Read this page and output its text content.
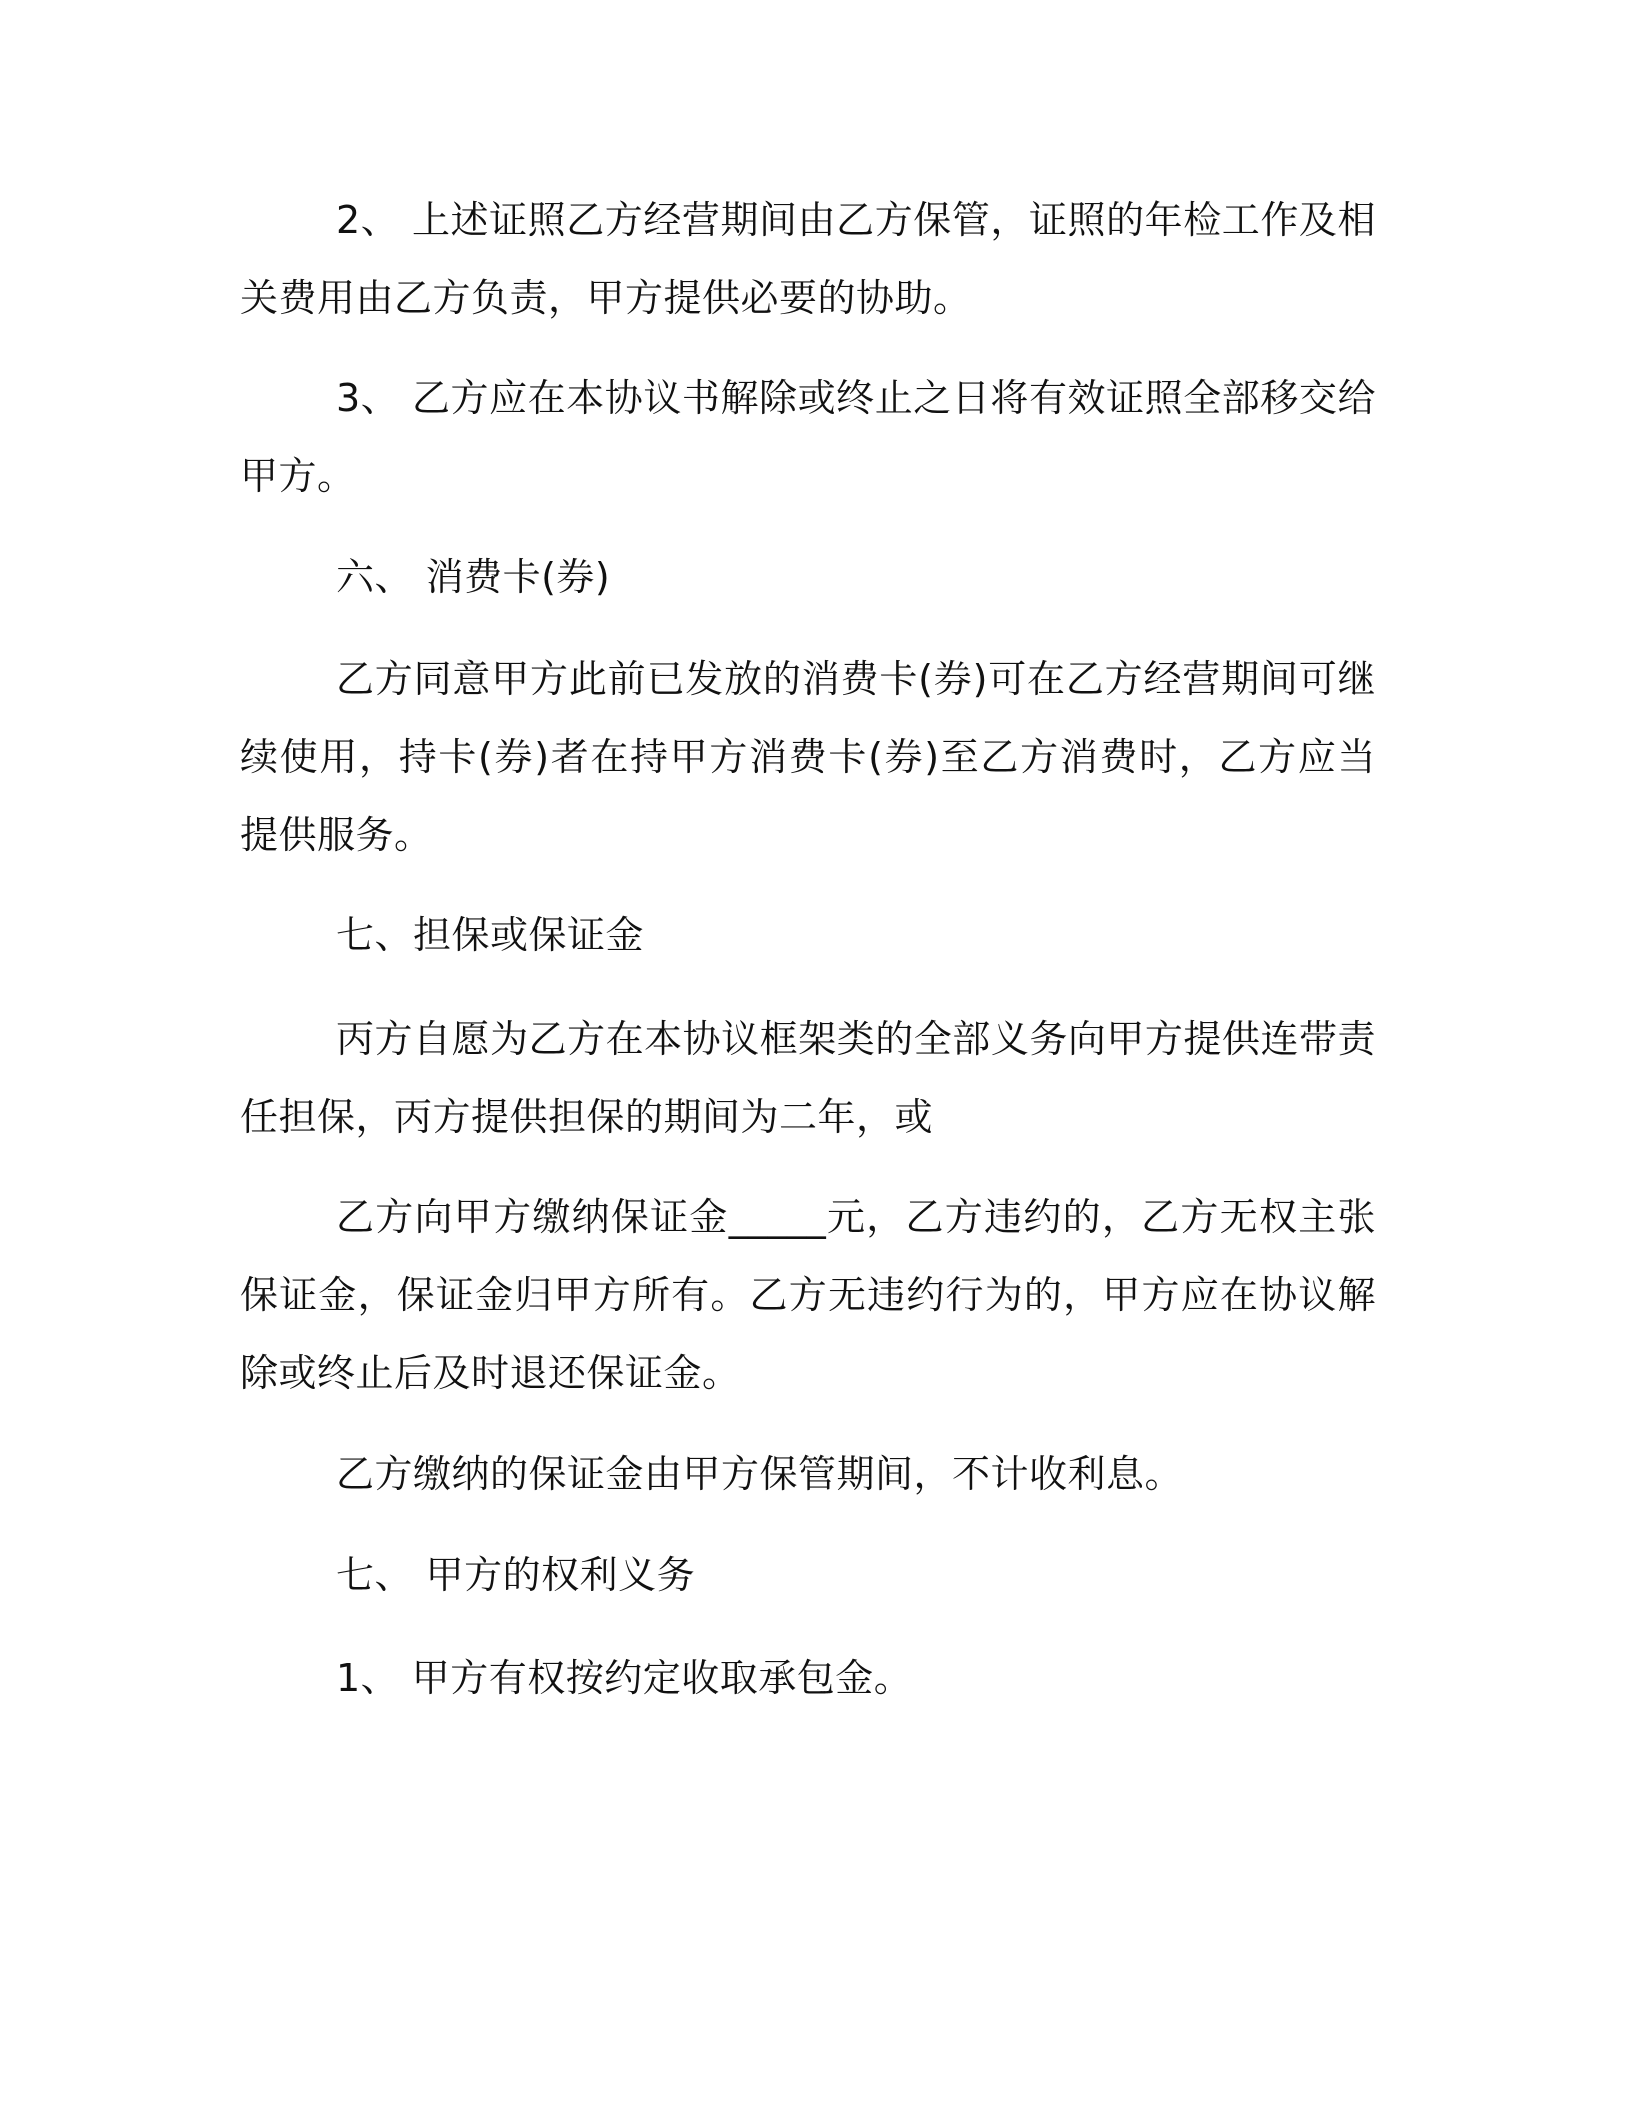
2、 上述证照乙方经营期间由乙方保管，证照的年检工作及相关费用由乙方负责，甲方提供必要的协助。

3、 乙方应在本协议书解除或终止之日将有效证照全部移交给甲方。

六、 消费卡(券)

乙方同意甲方此前已发放的消费卡(券)可在乙方经营期间可继续使用，持卡(券)者在持甲方消费卡(券)至乙方消费时，乙方应当提供服务。

七、担保或保证金

丙方自愿为乙方在本协议框架类的全部义务向甲方提供连带责任担保，丙方提供担保的期间为二年，或

乙方向甲方缴纳保证金_____元，乙方违约的，乙方无权主张保证金，保证金归甲方所有。乙方无违约行为的，甲方应在协议解除或终止后及时退还保证金。

乙方缴纳的保证金由甲方保管期间，不计收利息。

七、 甲方的权利义务

1、 甲方有权按约定收取承包金。
